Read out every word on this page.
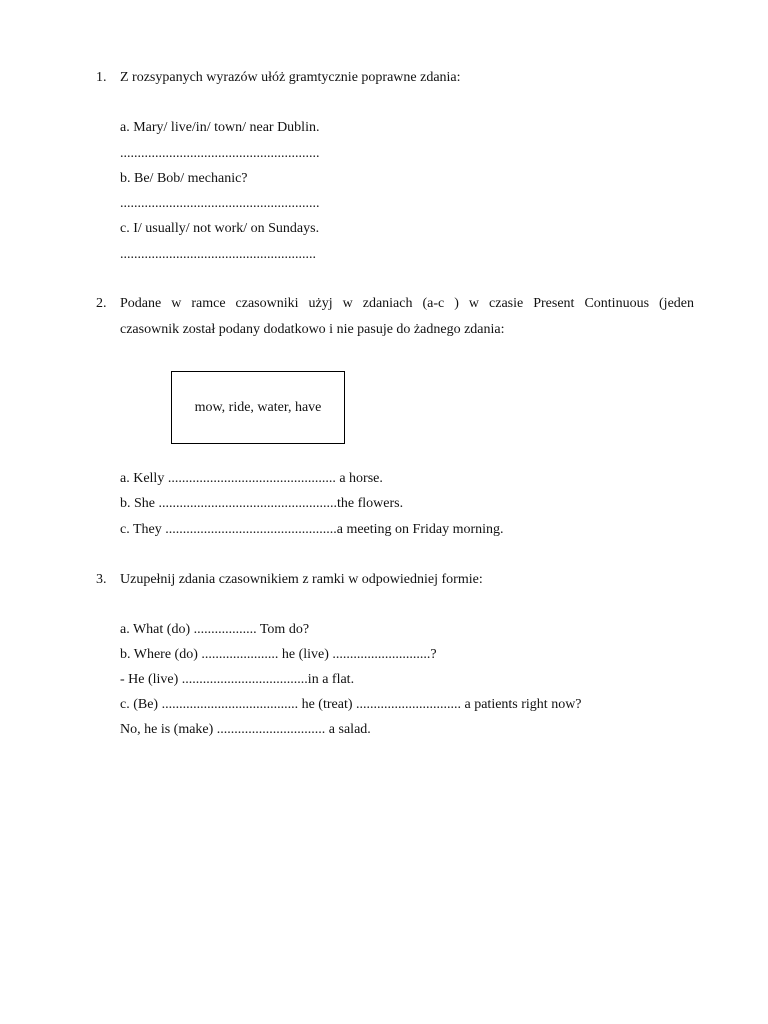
1. Z rozsypanych wyrazów ułóż gramtycznie poprawne zdania:
a. Mary/ live/in/ town/ near Dublin.
.........................................................
b. Be/ Bob/ mechanic?
.........................................................
c. I/ usually/ not work/ on Sundays.
........................................................
2. Podane w ramce czasowniki użyj w zdaniach (a-c ) w czasie Present Continuous (jeden
czasownik został podany dodatkowo i nie pasuje do żadnego zdania:
mow, ride, water, have
a. Kelly ................................................ a horse.
b. She ...................................................the flowers.
c. They .................................................a meeting on Friday morning.
3. Uzupełnij zdania czasownikiem z ramki w odpowiedniej formie:
a. What (do) .................. Tom do?
b. Where (do) ...................... he (live) ............................?
- He (live) ....................................in a flat.
c. (Be) ....................................... he (treat) .............................. a patients right now?
No, he is (make) ............................... a salad.
